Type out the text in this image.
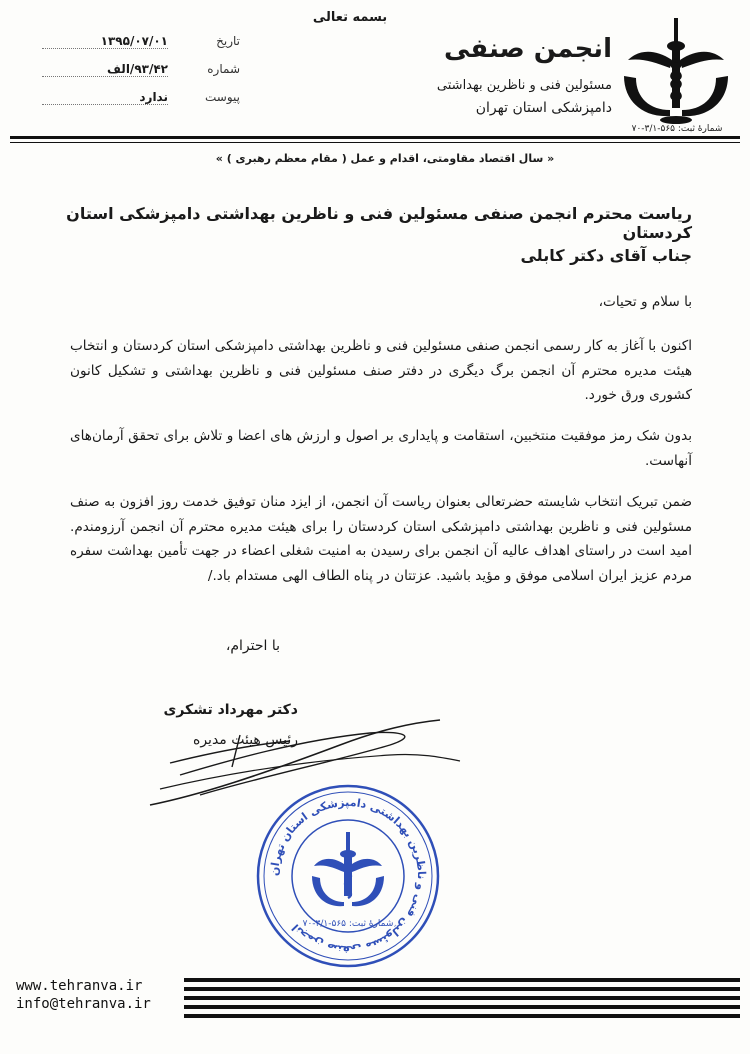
بسمه تعالی
شمارهٔ ثبت: ۵۶۵-۳/۱-۷۰
انجمن صنفی
مسئولین فنی و ناظرین بهداشتی
دامپزشکی استان تهران
تاریخ
۱۳۹۵/۰۷/۰۱
شماره
۹۳/۴۲/الف
پیوست
ندارد
« سال اقتصاد مقاومتی، اقدام و عمل ( مقام معظم رهبری ) »
ریاست محترم انجمن صنفی مسئولین فنی و ناظرین بهداشتی دامپزشکی استان کردستان
جناب آقای دکتر کابلی
با سلام و تحیات،
اکنون با آغاز به کار رسمی انجمن صنفی مسئولین فنی و ناظرین بهداشتی دامپزشکی استان کردستان و انتخاب هیئت مدیره محترم آن انجمن برگ دیگری در دفتر صنف مسئولین فنی و ناظرین بهداشتی و تشکیل کانون کشوری ورق خورد.
بدون شک رمز موفقیت منتخبین، استقامت و پایداری بر اصول و ارزش های اعضا و تلاش برای تحقق آرمان‌های آنهاست.
ضمن تبریک انتخاب شایسته حضرتعالی بعنوان ریاست آن انجمن، از ایزد منان توفیق خدمت روز افزون به صنف مسئولین فنی و ناظرین بهداشتی دامپزشکی استان کردستان را برای هیئت مدیره محترم آن انجمن آرزومندم. امید است در راستای اهداف عالیه آن انجمن برای رسیدن به امنیت شغلی اعضاء در جهت تأمین بهداشت سفره مردم عزیز ایران اسلامی موفق و مؤید باشید. عزتتان در پناه الطاف الهی مستدام باد./
با احترام،
دکتر مهرداد تشکری
رئیس هیئت مدیره
انجمن صنفی مسئولین فنی و ناظرین بهداشتی دامپزشکی استان تهران شمارهٔ ثبت: ۵۶۵-۳/۱-۷۰
www.tehranva.ir
info@tehranva.ir
